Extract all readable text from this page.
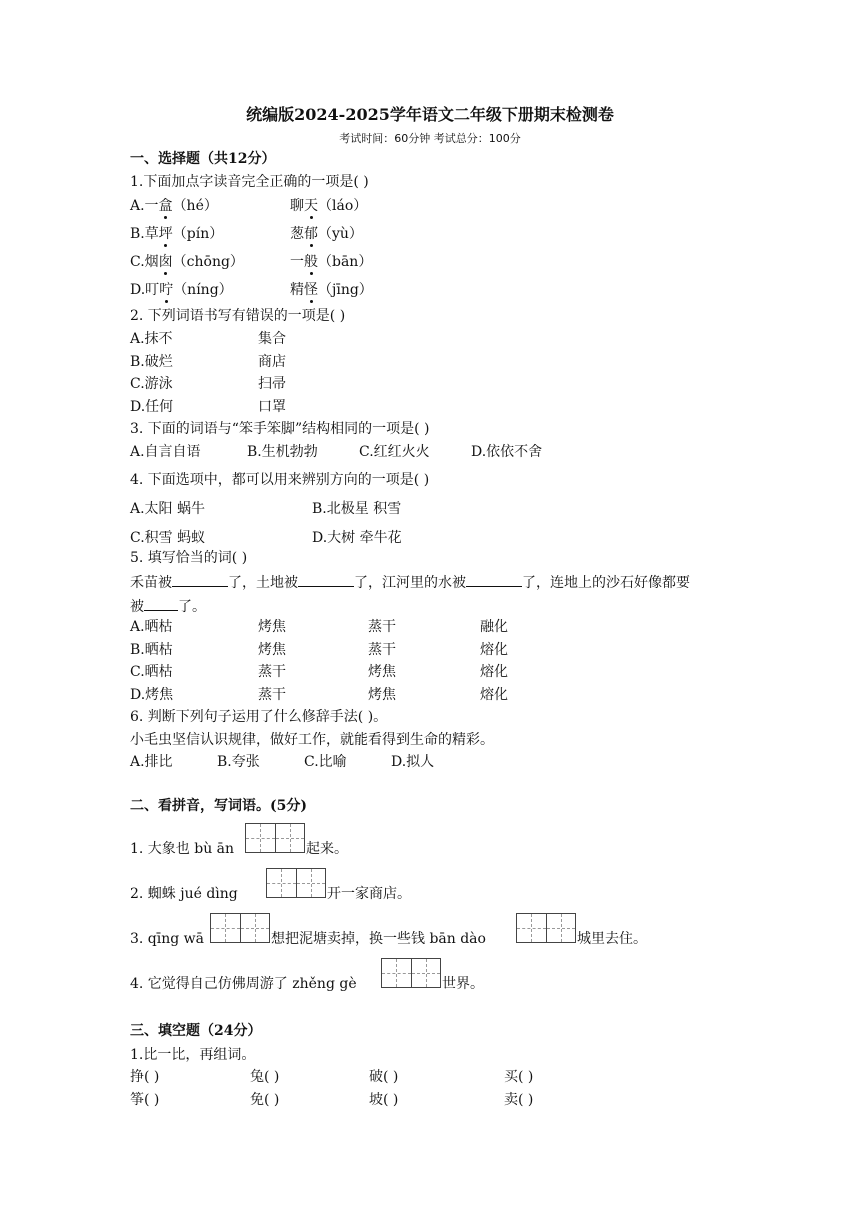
统编版2024-2025学年语文二年级下册期末检测卷
考试时间：60分钟 考试总分：100分
一、选择题（共12分）
1.下面加点字读音完全正确的一项是( )
A.一盒（hé）	聊天（láo）
B.草坪（pín）	葱郁（yù）
C.烟囱（chōng）	一般（bān）
D.叮咛（níng）	精怪（jīng）
2. 下列词语书写有错误的一项是( )
A.抹不	集合
B.破烂	商店
C.游泳	扫帚
D.任何	口罩
3. 下面的词语与“笨手笨脚”结构相同的一项是( )
A.自言自语	B.生机勃勃	C.红红火火	D.依依不舍
4. 下面选项中，都可以用来辨别方向的一项是( )
A.太阳 蜗牛	B.北极星 积雪
C.积雪 蚂蚁	D.大树 牵牛花
5. 填写恰当的词( )
禾苗被	了，土地被	了，江河里的水被	了，连地上的沙石好像都要
被 了。
A.晒枯	烤焦	蒸干	融化
B.晒枯	烤焦	蒸干	熔化
C.晒枯	蒸干	烤焦	熔化
D.烤焦	蒸干	烤焦	熔化
6. 判断下列句子运用了什么修辞手法( )。
小毛虫坚信认识规律，做好工作，就能看得到生命的精彩。
A.排比	B.夸张	C.比喻	D.拟人
二、看拼音，写词语。(5分)
1. 大象也 bù ān	起来。
2. 蜘蛛 jué dìng	开一家商店。
3. qīng wā	想把泥塘卖掉，换一些钱 bān dào	城里去住。
4. 它觉得自己仿佛周游了 zhěng gè	世界。
三、填空题（24分）
1.比一比，再组词。
挣( )	兔( )	破( )	买( )
筝( )	免( )	坡( )	卖( )
